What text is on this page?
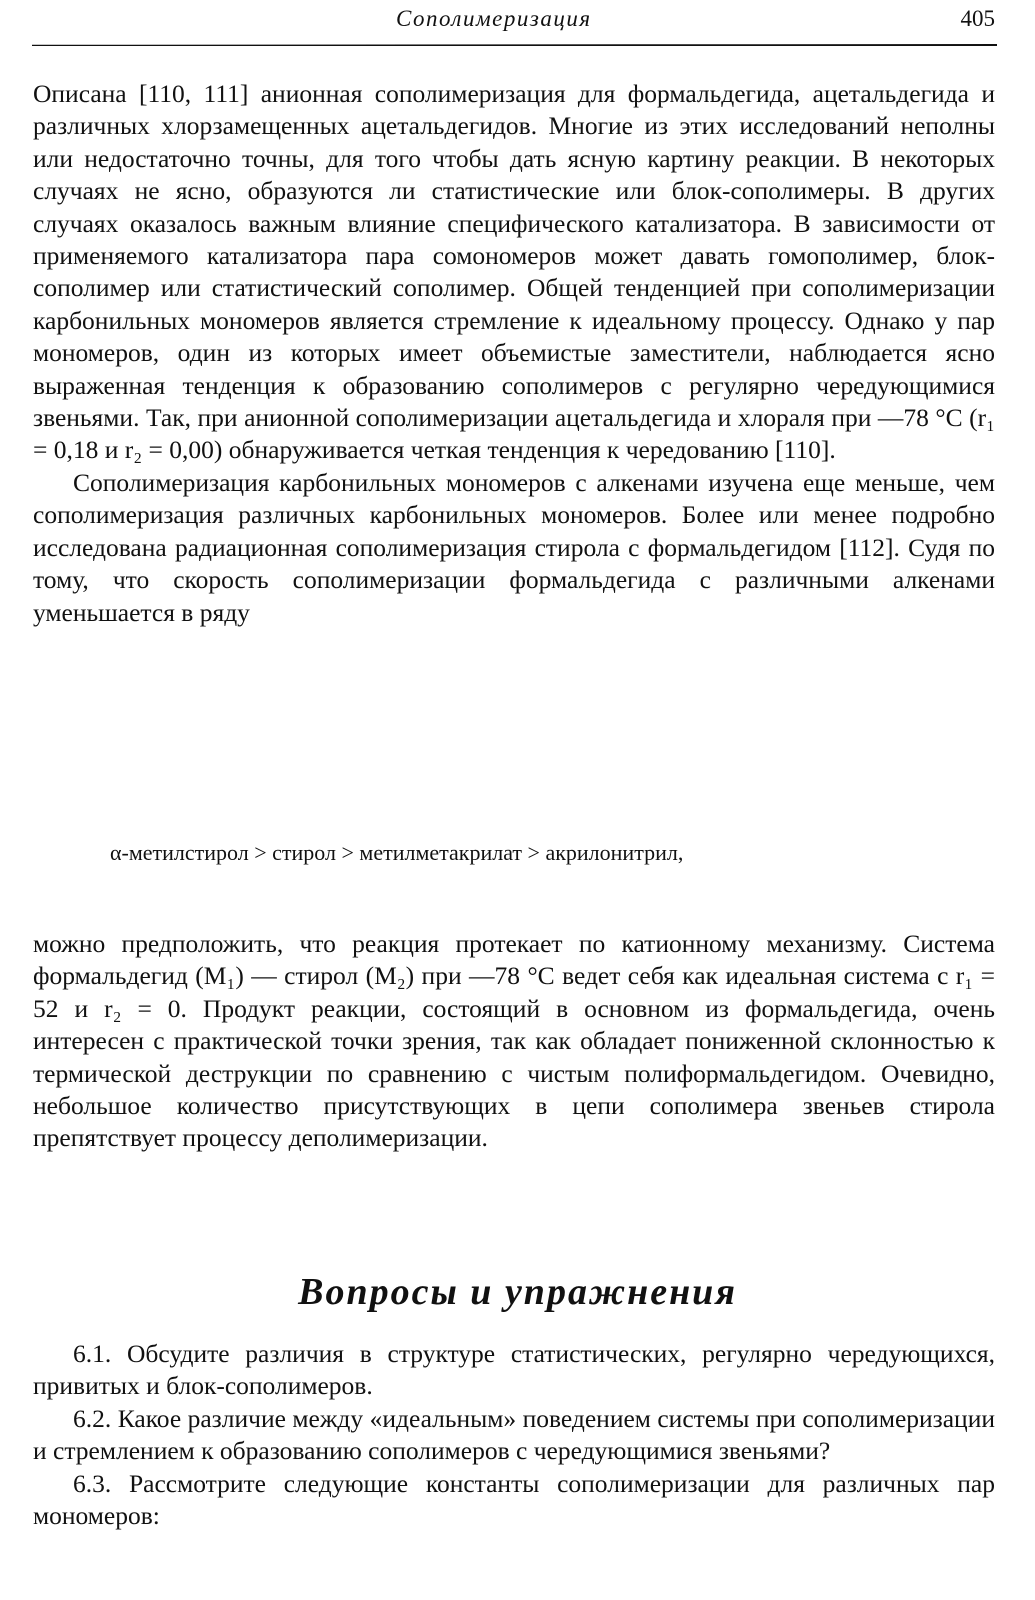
Сополимеризация	405

Описана [110, 111] анионная сополимеризация для формальдегида, ацетальдегида и различных хлорзамещенных ацетальдегидов. Многие из этих исследований неполны или недостаточно точны, для того чтобы дать ясную картину реакции. В некоторых случаях не ясно, образуются ли статистические или блок-сополимеры. В других случаях оказалось важным влияние специфического катализатора. В зависимости от применяемого катализатора пара сомономеров может давать гомополимер, блок-сополимер или статистический сополимер. Общей тенденцией при сополимеризации карбонильных мономеров является стремление к идеальному процессу. Однако у пар мономеров, один из которых имеет объемистые заместители, наблюдается ясно выраженная тенденция к образованию сополимеров с регулярно чередующимися звеньями. Так, при анионной сополимеризации ацетальдегида и хлораля при —78 °С (r₁ = 0,18 и r₂ = 0,00) обнаруживается четкая тенденция к чередованию [110].

Сополимеризация карбонильных мономеров с алкенами изучена еще меньше, чем сополимеризация различных карбонильных мономеров. Более или менее подробно исследована радиационная сополимеризация стирола с формальдегидом [112]. Судя по тому, что скорость сополимеризации формальдегида с различными алкенами уменьшается в ряду

α-метилстирол > стирол > метилметакрилат > акрилонитрил,

можно предположить, что реакция протекает по катионному механизму. Система формальдегид (M₁) — стирол (M₂) при —78 °С ведет себя как идеальная система с r₁ = 52 и r₂ = 0. Продукт реакции, состоящий в основном из формальдегида, очень интересен с практической точки зрения, так как обладает пониженной склонностью к термической деструкции по сравнению с чистым полиформальдегидом. Очевидно, небольшое количество присутствующих в цепи сополимера звеньев стирола препятствует процессу деполимеризации.

Вопросы и упражнения

6.1. Обсудите различия в структуре статистических, регулярно чередующихся, привитых и блок-сополимеров.

6.2. Какое различие между «идеальным» поведением системы при сополимеризации и стремлением к образованию сополимеров с чередующимися звеньями?

6.3. Рассмотрите следующие константы сополимеризации для различных пар мономеров:
